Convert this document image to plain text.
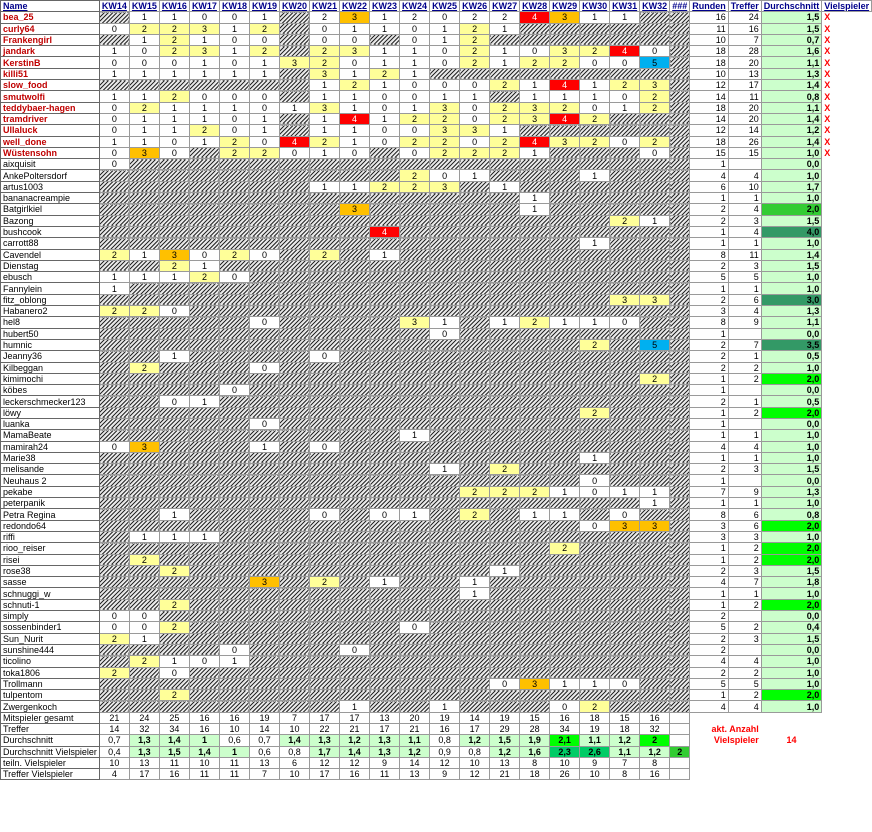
Name	KW14	KW15	KW16	KW17	KW18	KW19	KW20	KW21	KW22	KW23	KW24	KW25	KW26	KW27	KW28	KW29	KW30	KW31	KW32	###	Runden	Treffer	Durchschnitt	Vielspieler
bea_25		1	1	0	0	1		2	3	1	2	0	2	2	4	3	1	1			16	24	1,5	X
curly64	0	2	2	3	1	2		0	1	1	0	1	2	1							11	16	1,5	X
Frankengirl		1	2	1	0	0		0	0		0	1	2								10	7	0,7	X
jandark	1	0	2	3	1	2		2	3	1	1	0	2	1	0	3	2	4	0		18	28	1,6	X
KerstinB	0	0	0	1	0	1	3	2	0	1	1	0	2	1	2	2	0	0	5		18	20	1,1	X
killi51	1	1	1	1	1	1		3	1	2	1										10	13	1,3	X
slow_food								1	2	1	0	0	0	2	1	4	1	2	3		12	17	1,4	X
smutwolfi	1	1	2	0	0	0		1	1	0	0	1	1		1	1	1	0	2		14	11	0,8	X
teddybaer-hagen	0	2	1	1	1	0	1	3	1	0	1	3	0	2	3	2	0	1	2		18	20	1,1	X
tramdriver	0	1	1	1	0	1		1	4	1	2	2	0	2	3	4	2				14	20	1,4	X
Ullaluck	0	1	1	2	0	1		1	1	0	0	3	3	1							12	14	1,2	X
well_done	1	1	0	1	2	0	4	2	1	0	2	2	0	2	4	3	2	0	2		18	26	1,4	X
Wüstensohn	0	3	0		2	2	0	1	0		0	2	2	2	1				0		15	15	1,0	X
aixquisit	0																				1		0,0	
AnkePoltersdorf											2	0	1				1				4	4	1,0	
artus1003								1	1	2	2	3		1							6	10	1,7	
bananacreampie															1						1	1	1,0	
Batgirlkiel									3						1						2	4	2,0	
Bazong																		2	1		2	3	1,5	
bushcook										4											1	4	4,0	
carrott88																	1				1	1	1,0	
Cavendel	2	1	3	0	2	0		2		1											8	11	1,4	
Dienstag			2	1																	2	3	1,5	
ebusch	1	1	1	2	0																5	5	1,0	
Fannylein	1																				1	1	1,0	
fitz_oblong																		3	3		2	6	3,0	
Habanero2	2	2	0																		3	4	1,3	
hel8						0					3	1		1	2	1	1	0			8	9	1,1	
hubert50												0									1		0,0	
humnic																	2		5		2	7	3,5	
Jeanny36			1					0													2	1	0,5	
Kilbeggan		2				0															2	2	1,0	
kimimochi																			2		1	2	2,0	
köbes					0																1		0,0	
leckerschmecker123			0	1																	2	1	0,5	
löwy																	2				1	2	2,0	
luanka						0															1		0,0	
MamaBeate											1										1	1	1,0	
mamirah24	0	3				1		0													4	4	1,0	
Marie38																	1				1	1	1,0	
melisande												1		2							2	3	1,5	
Neuhaus 2																	0				1		0,0	
pekabe													2	2	2	1	0	1	1		7	9	1,3	
peterpanik																			1		1	1	1,0	
Petra Regina			1					0		0	1		2		1	1		0			8	6	0,8	
redondo64																	0	3	3		3	6	2,0	
riffi		1	1	1																	3	3	1,0	
rioo_reiser																2					1	2	2,0	
risei		2																			1	2	2,0	
rose38			2											1							2	3	1,5	
sasse						3		2		1			1								4	7	1,8	
schnuggi_w													1								1	1	1,0	
schnuti-1			2																		1	2	2,0	
simply	0	0																			2		0,0	
sossenbinder1	0	0	2								0										5	2	0,4	
Sun_Nurit	2	1																			2	3	1,5	
sunshine444					0				0												2		0,0	
ticolino		2	1	0	1																4	4	1,0	
toka1806	2		0																		2	2	1,0	
Trollmann														0	3	1	1	0			5	5	1,0	
tulpentom			2																		1	2	2,0	
Zwergenkoch									1			1				0	2				4	4	1,0	
Mitspieler gesamt	21	24	25	16	16	19	7	17	17	13	20	19	14	19	15	16	18	15	16					
Treffer	14	32	34	16	10	14	10	22	21	17	21	16	17	29	28	34	19	18	32		akt. Anzahl			
Durchschnitt	0,7	1,3	1,4	1	0,6	0,7	1,4	1,3	1,2	1,3	1,1	0,8	1,2	1,5	1,9	2,1	1,1	1,2	2		Vielspieler		14	
Durchschnitt Vielspieler	0,4	1,3	1,5	1,4	1	0,6	0,8	1,7	1,4	1,3	1,2	0,9	0,8	1,2	1,6	2,3	2,6	1,1	1,2	2				
teiln. Vielspieler	10	13	11	10	11	13	6	12	12	9	14	12	10	13	8	10	9	7	8					
Treffer Vielspieler	4	17	16	11	11	7	10	17	16	11	13	9	12	21	18	26	10	8	16					
